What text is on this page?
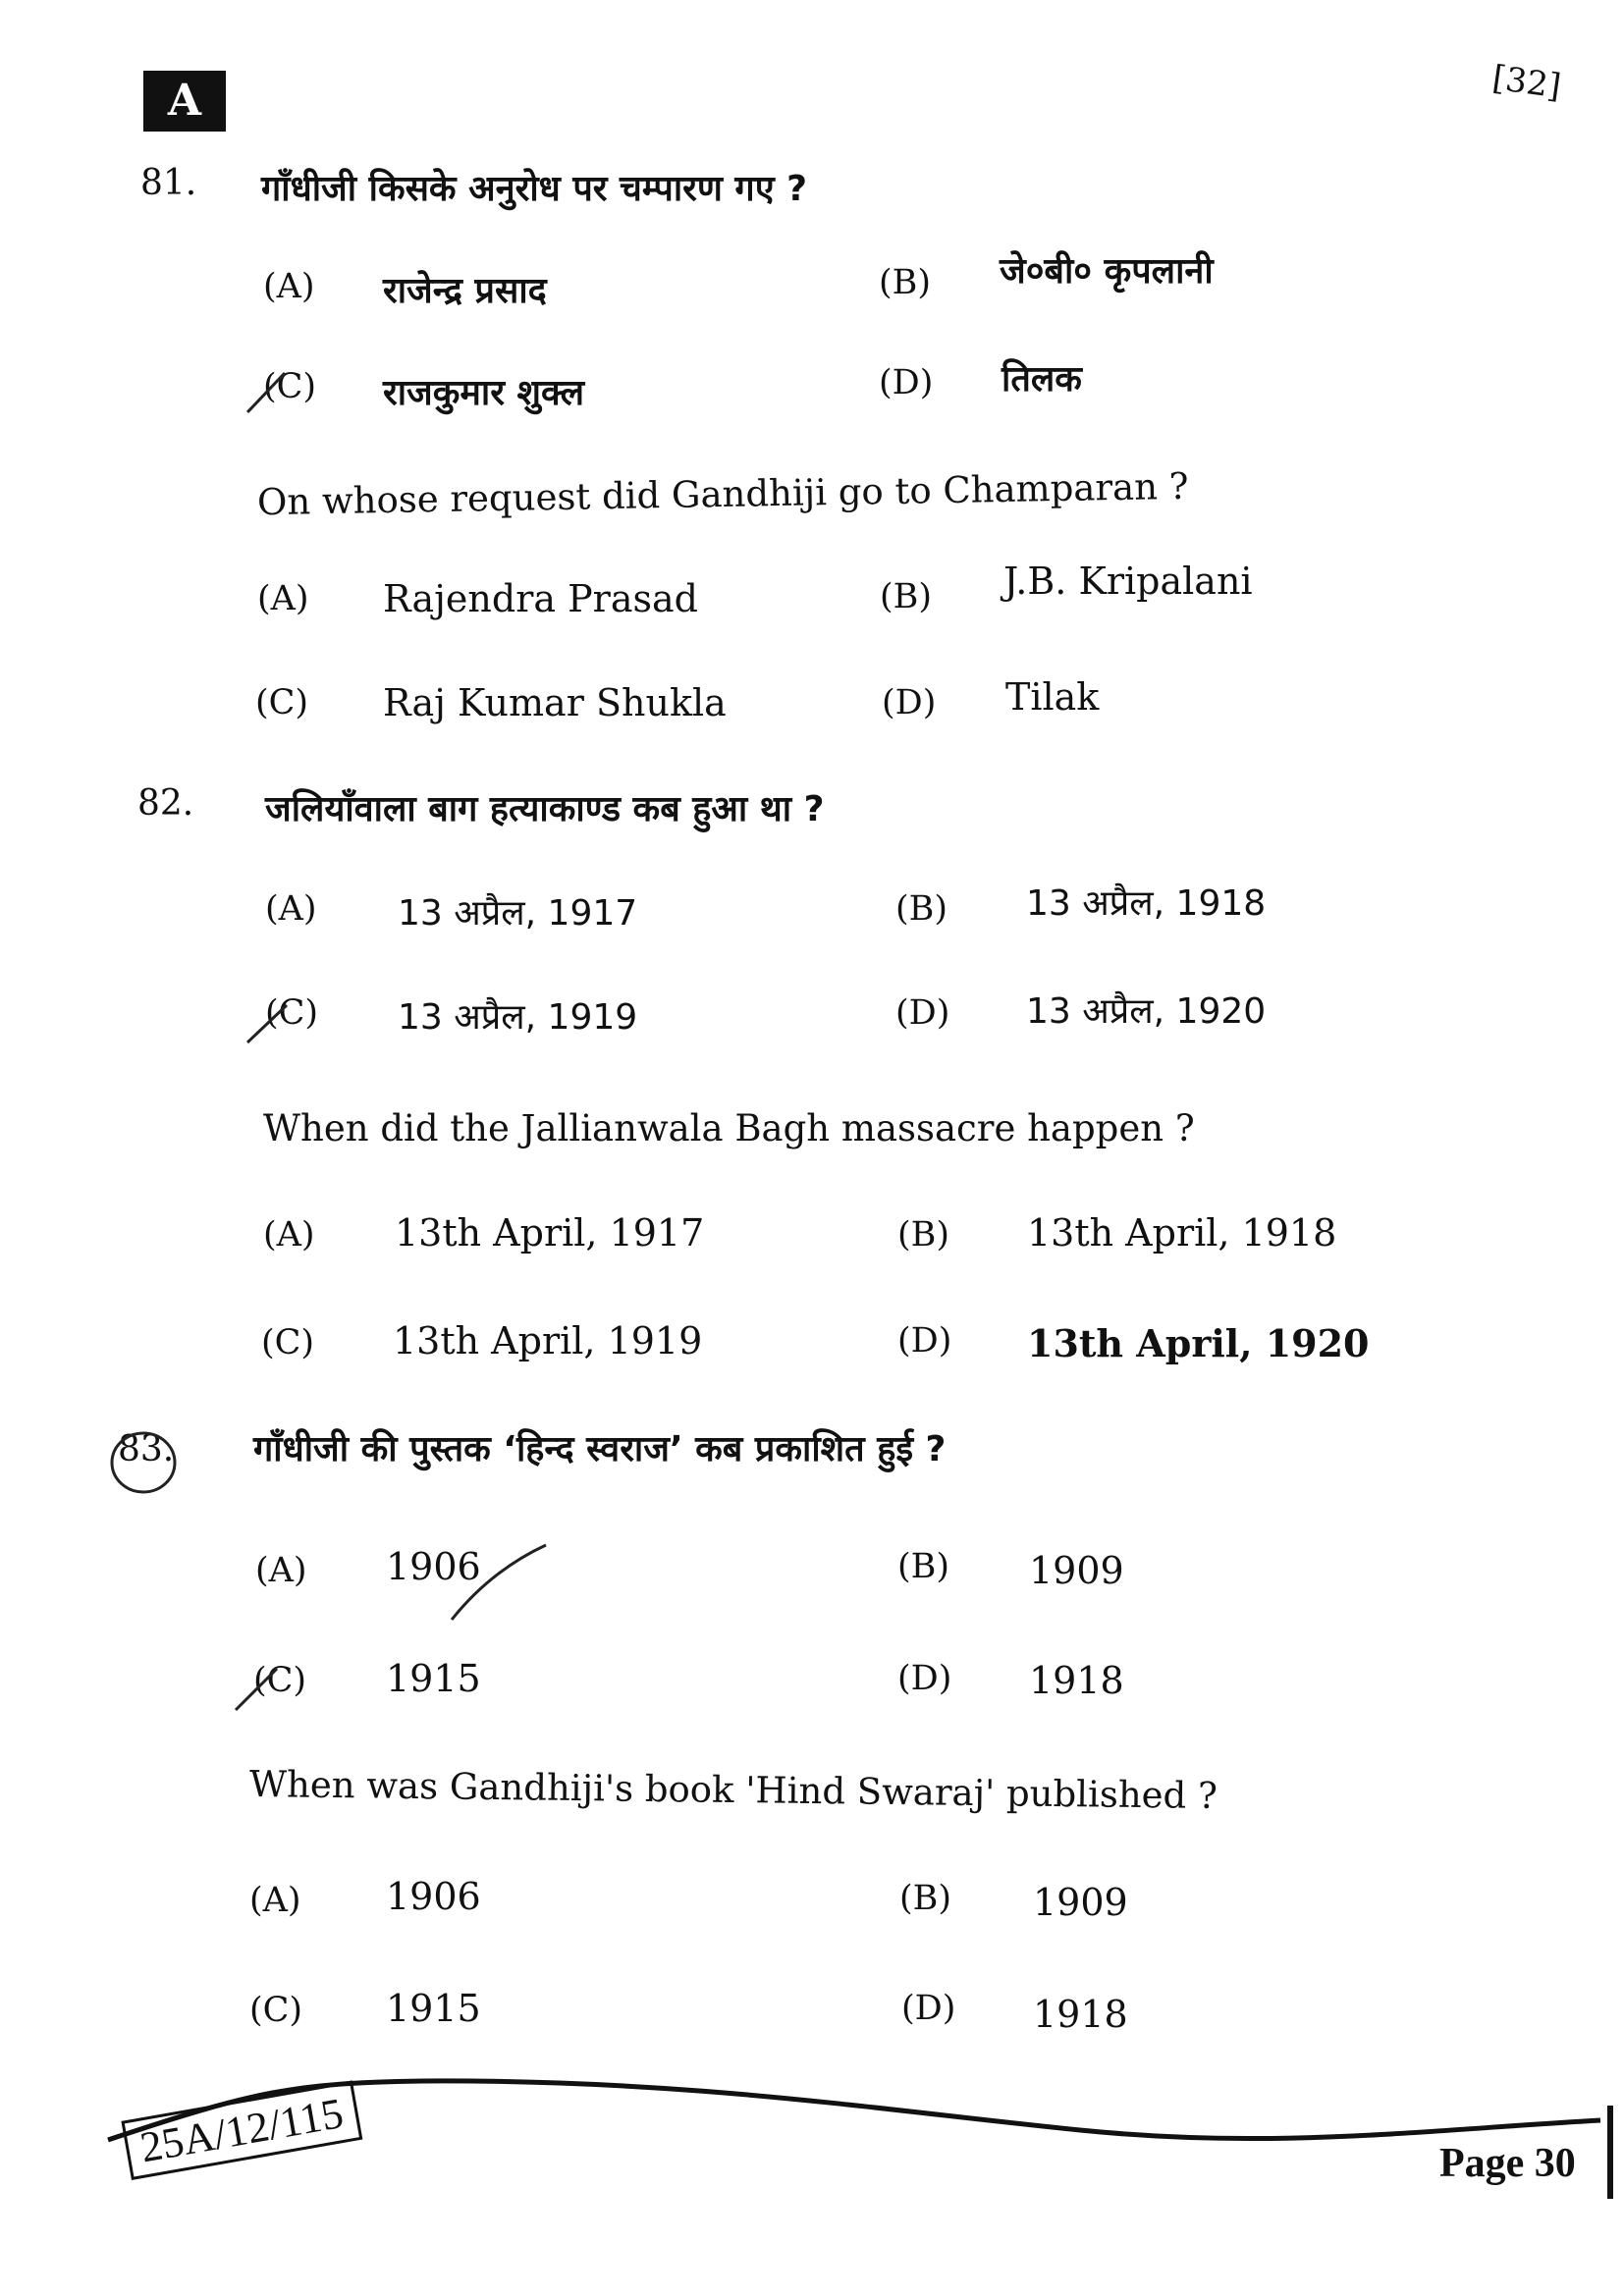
A	[32]
81. गाँधीजी किसके अनुरोध पर चम्पारण गए ?
(A) राजेन्द्र प्रसाद	(B) जे०बी० कृपलानी
(C) राजकुमार शुक्ल	(D) तिलक
On whose request did Gandhiji go to Champaran ?
(A) Rajendra Prasad	(B) J.B. Kripalani
(C) Raj Kumar Shukla	(D) Tilak
82. जलियाँवाला बाग हत्याकाण्ड कब हुआ था ?
(A) 13 अप्रैल, 1917	(B) 13 अप्रैल, 1918
(C) 13 अप्रैल, 1919	(D) 13 अप्रैल, 1920
When did the Jallianwala Bagh massacre happen ?
(A) 13th April, 1917	(B) 13th April, 1918
(C) 13th April, 1919	(D) 13th April, 1920
83. गाँधीजी की पुस्तक ‘हिन्द स्वराज’ कब प्रकाशित हुई ?
(A) 1906	(B) 1909
(C) 1915	(D) 1918
When was Gandhiji's book 'Hind Swaraj' published ?
(A) 1906	(B) 1909
(C) 1915	(D) 1918
25A/12/115	Page 30
